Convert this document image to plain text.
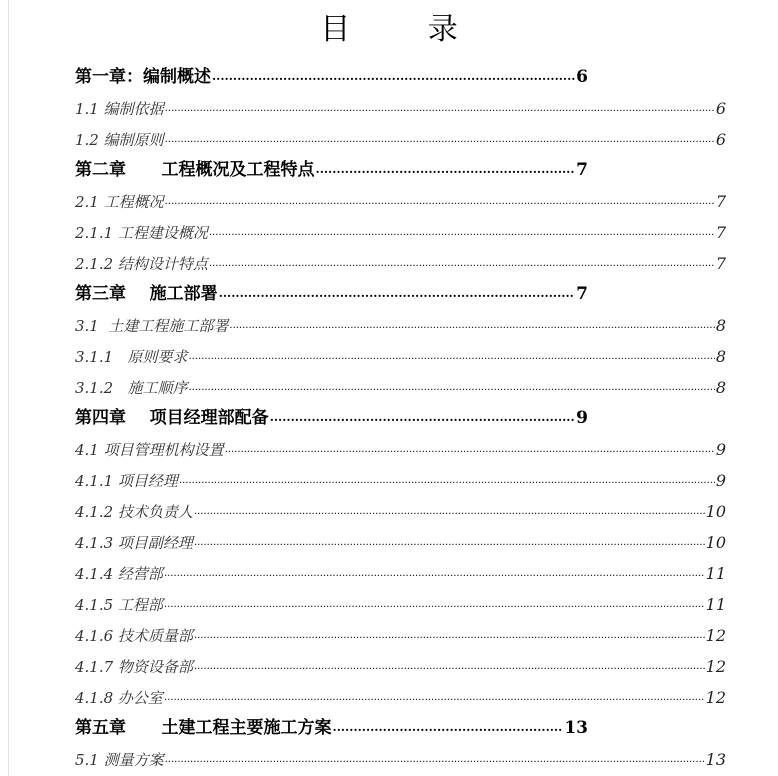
目 录
第一章：编制概述 .....	6
1.1 编制依据 .....	6
1.2 编制原则 .....	6
第二章      工程概况及工程特点 .....	7
2.1 工程概况 .....	7
2.1.1 工程建设概况 .....	7
2.1.2 结构设计特点 .....	7
第三章    施工部署 .....	7
3.1  土建工程施工部署 .....	8
3.1.1   原则要求 .....	8
3.1.2   施工顺序 .....	8
第四章    项目经理部配备 .....	9
4.1 项目管理机构设置 .....	9
4.1.1 项目经理 .....	9
4.1.2 技术负责人 .....	10
4.1.3 项目副经理 .....	10
4.1.4 经营部 .....	11
4.1.5 工程部 .....	11
4.1.6 技术质量部 .....	12
4.1.7 物资设备部 .....	12
4.1.8 办公室 .....	12
第五章      土建工程主要施工方案 .....	13
5.1 测量方案 .....	13
